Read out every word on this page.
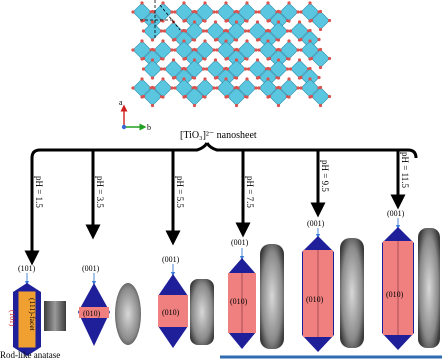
a
b
[TiO₃]²⁻ nanosheet
pH = 1.5	pH = 3.5	pH = 5.5	pH = 7.5
pH = 9.5	pH = 11.5
(101)
(111)-facet
(101)
Rod-like anatase
(001)
(010)
(001)
(010)
(001)
(010)
(001)
(010)
(001)
(010)
